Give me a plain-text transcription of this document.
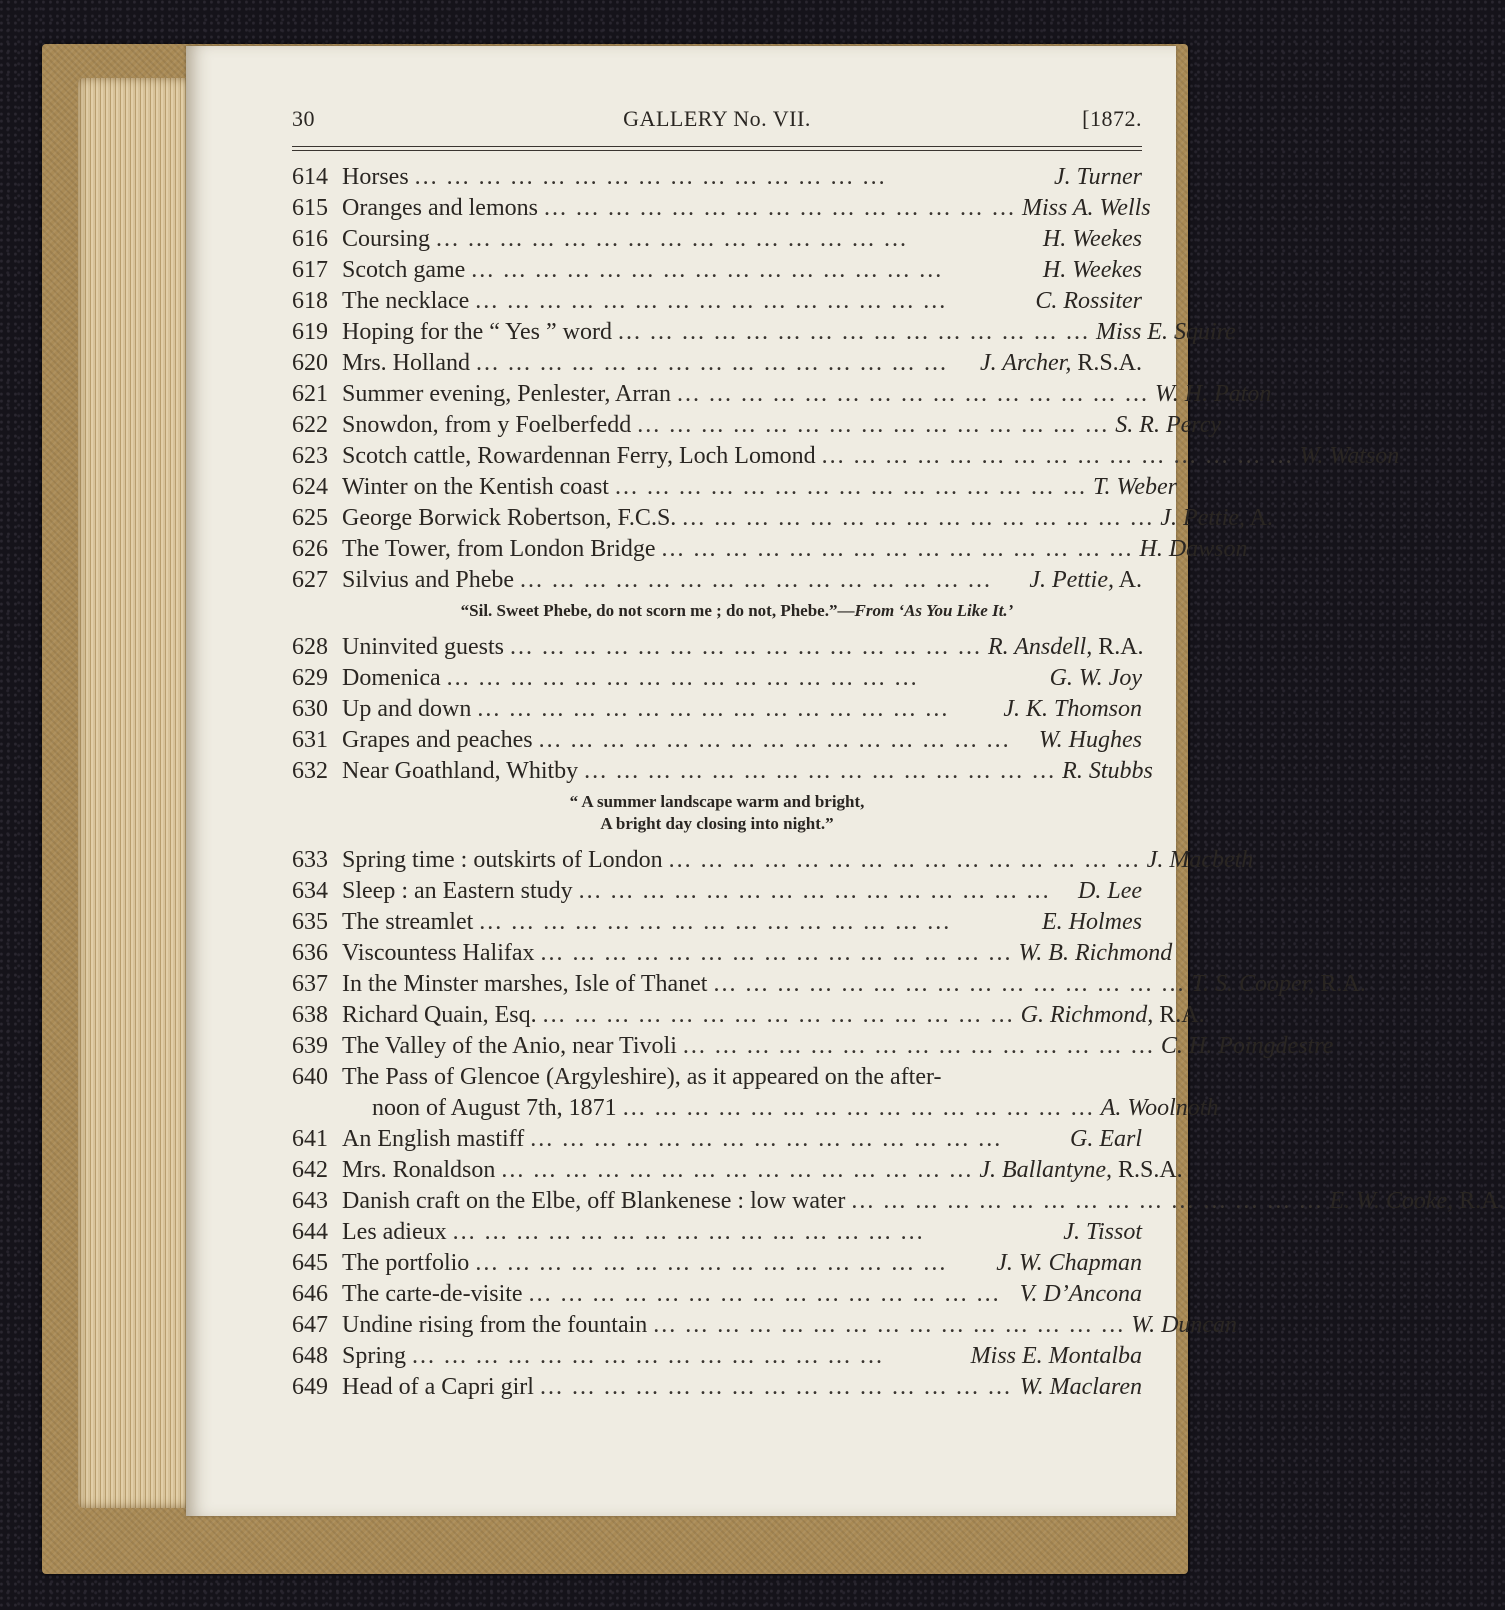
30	GALLERY No. VII.	[1872.
614 Horses ... ... ... ... ... ... ... ... ... ... ... ... ... ... ...	J. Turner
615 Oranges and lemons ... ... ... ... ... ... ... ... ... ... ... ... ... ... ... Miss A. Wells
616 Coursing ... ... ... ... ... ... ... ... ... ... ... ... ... ... ...	H. Weekes
617 Scotch game ... ... ... ... ... ... ... ... ... ... ... ... ... ... ...	H. Weekes
618 The necklace ... ... ... ... ... ... ... ... ... ... ... ... ... ... ...	C. Rossiter
619 Hoping for the “ Yes ” word ... ... ... ... ... ... ... ... ... ... ... ... ... ... ... Miss E. Squire
620 Mrs. Holland ... ... ... ... ... ... ... ... ... ... ... ... ... ... ...	J. Archer, R.S.A.
621 Summer evening, Penlester, Arran ... ... ... ... ... ... ... ... ... ... ... ... ... ... ... W. H. Paton
622 Snowdon, from y Foelberfedd ... ... ... ... ... ... ... ... ... ... ... ... ... ... ... S. R. Percy
623 Scotch cattle, Rowardennan Ferry, Loch Lomond ... ... ... ... ... ... ... ... ... ... ... ... ... ... ... W. Watson
624 Winter on the Kentish coast ... ... ... ... ... ... ... ... ... ... ... ... ... ... ... T. Weber
625 George Borwick Robertson, F.C.S. ... ... ... ... ... ... ... ... ... ... ... ... ... ... ... J. Pettie, A.
626 The Tower, from London Bridge ... ... ... ... ... ... ... ... ... ... ... ... ... ... ... H. Dawson
627 Silvius and Phebe ... ... ... ... ... ... ... ... ... ... ... ... ... ... ...	J. Pettie, A.
“Sil. Sweet Phebe, do not scorn me ; do not, Phebe.”—From ‘As You Like It.’
628 Uninvited guests ... ... ... ... ... ... ... ... ... ... ... ... ... ... ... R. Ansdell, R.A.
629 Domenica ... ... ... ... ... ... ... ... ... ... ... ... ... ... ...	G. W. Joy
630 Up and down ... ... ... ... ... ... ... ... ... ... ... ... ... ... ...	J. K. Thomson
631 Grapes and peaches ... ... ... ... ... ... ... ... ... ... ... ... ... ... ...	W. Hughes
632 Near Goathland, Whitby ... ... ... ... ... ... ... ... ... ... ... ... ... ... ... R. Stubbs
“ A summer landscape warm and bright,
A bright day closing into night.”
633 Spring time : outskirts of London ... ... ... ... ... ... ... ... ... ... ... ... ... ... ... J. Macbeth
634 Sleep : an Eastern study ... ... ... ... ... ... ... ... ... ... ... ... ... ... ...	D. Lee
635 The streamlet ... ... ... ... ... ... ... ... ... ... ... ... ... ... ...	E. Holmes
636 Viscountess Halifax ... ... ... ... ... ... ... ... ... ... ... ... ... ... ... W. B. Richmond
637 In the Minster marshes, Isle of Thanet ... ... ... ... ... ... ... ... ... ... ... ... ... ... ... T. S. Cooper, R.A.
638 Richard Quain, Esq. ... ... ... ... ... ... ... ... ... ... ... ... ... ... ... G. Richmond, R.A.
639 The Valley of the Anio, near Tivoli ... ... ... ... ... ... ... ... ... ... ... ... ... ... ... C. H. Poingdestre
640 The Pass of Glencoe (Argyleshire), as it appeared on the after-
noon of August 7th, 1871 ... ... ... ... ... ... ... ... ... ... ... ... ... ... ... A. Woolnoth
641 An English mastiff ... ... ... ... ... ... ... ... ... ... ... ... ... ... ...	G. Earl
642 Mrs. Ronaldson ... ... ... ... ... ... ... ... ... ... ... ... ... ... ... J. Ballantyne, R.S.A.
643 Danish craft on the Elbe, off Blankenese : low water ... ... ... ... ... ... ... ... ... ... ... ... ... ... ... E. W. Cooke, R.A.
644 Les adieux ... ... ... ... ... ... ... ... ... ... ... ... ... ... ...	J. Tissot
645 The portfolio ... ... ... ... ... ... ... ... ... ... ... ... ... ... ...	J. W. Chapman
646 The carte-de-visite ... ... ... ... ... ... ... ... ... ... ... ... ... ... ... V. D’Ancona
647 Undine rising from the fountain ... ... ... ... ... ... ... ... ... ... ... ... ... ... ... W. Duncan
648 Spring ... ... ... ... ... ... ... ... ... ... ... ... ... ... ...	Miss E. Montalba
649 Head of a Capri girl ... ... ... ... ... ... ... ... ... ... ... ... ... ... ... W. Maclaren
